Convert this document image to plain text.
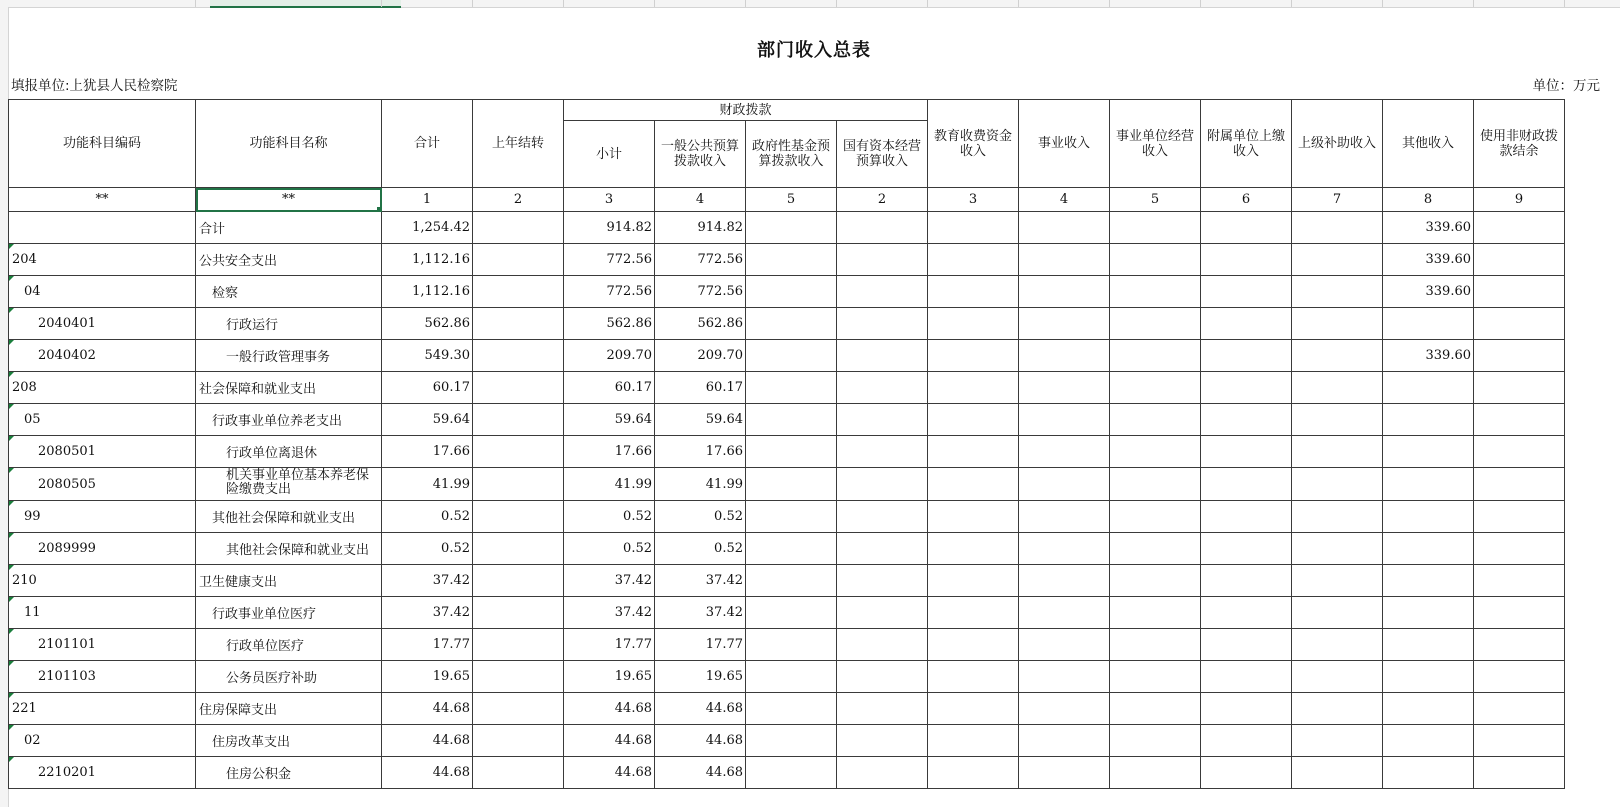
部门收入总表
填报单位:上犹县人民检察院	单位：万元
功能科目编码	功能科目名称	合计	上年结转	财政拨款				教育收费资金收入	事业收入	事业单位经营收入	附属单位上缴收入	上级补助收入	其他收入	使用非财政拨款结余
				小计	一般公共预算拨款收入	政府性基金预算拨款收入	国有资本经营预算收入							
**	**	1	2	3	4	5	2	3	4	5	6	7	8	9
	合计	1,254.42		914.82	914.82								339.60	
204	公共安全支出	1,112.16		772.56	772.56								339.60	
04	检察	1,112.16		772.56	772.56								339.60	
2040401	行政运行	562.86		562.86	562.86									
2040402	一般行政管理事务	549.30		209.70	209.70								339.60	
208	社会保障和就业支出	60.17		60.17	60.17									
05	行政事业单位养老支出	59.64		59.64	59.64									
2080501	行政单位离退休	17.66		17.66	17.66									
2080505	机关事业单位基本养老保险缴费支出	41.99		41.99	41.99									
99	其他社会保障和就业支出	0.52		0.52	0.52									
2089999	其他社会保障和就业支出	0.52		0.52	0.52									
210	卫生健康支出	37.42		37.42	37.42									
11	行政事业单位医疗	37.42		37.42	37.42									
2101101	行政单位医疗	17.77		17.77	17.77									
2101103	公务员医疗补助	19.65		19.65	19.65									
221	住房保障支出	44.68		44.68	44.68									
02	住房改革支出	44.68		44.68	44.68									
2210201	住房公积金	44.68		44.68	44.68									
